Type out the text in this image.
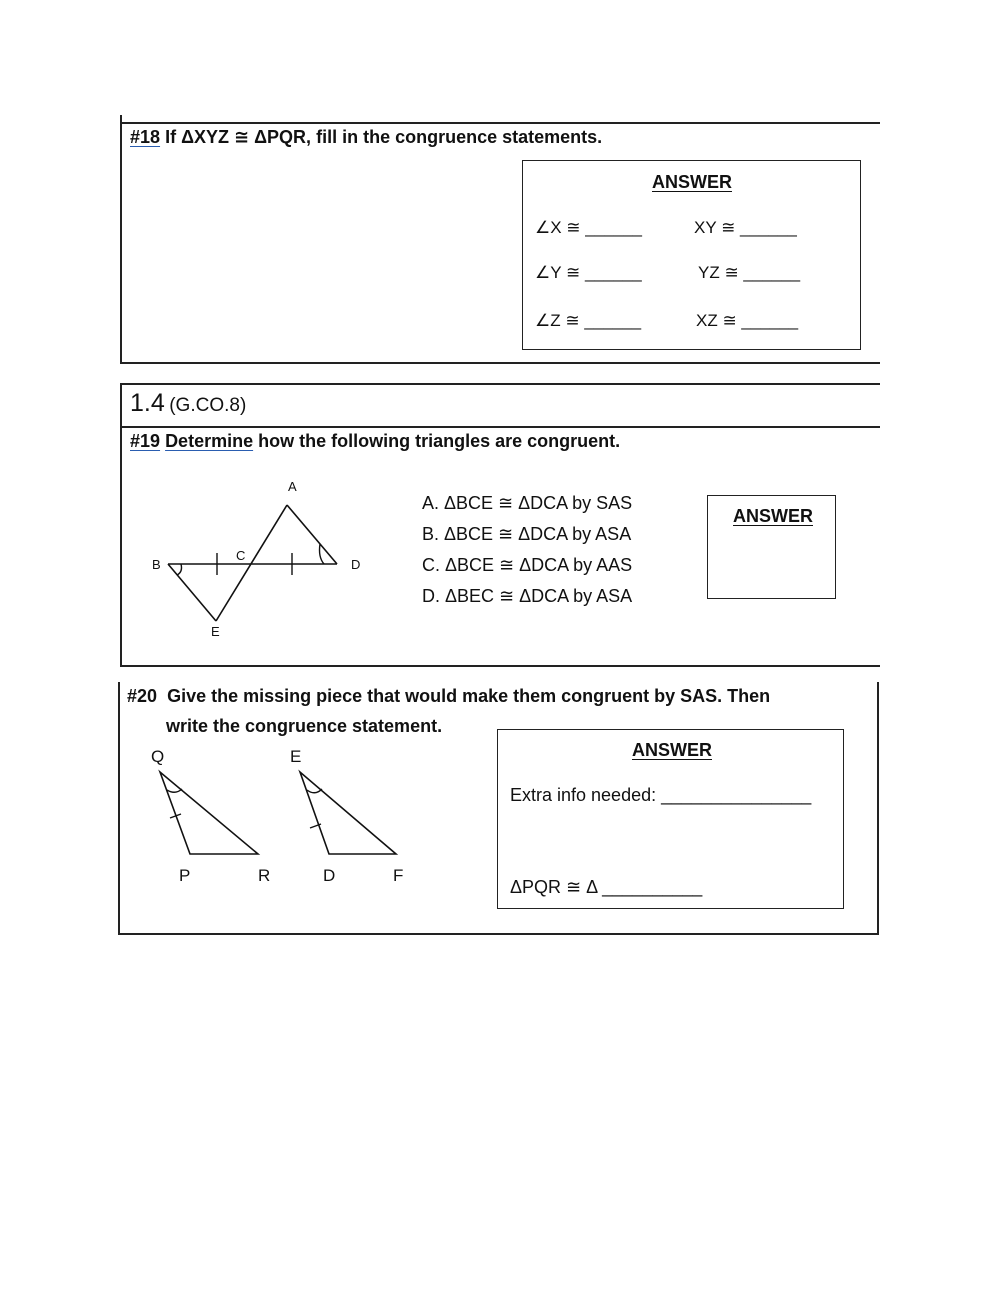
#18 If ΔXYZ ≅ ΔPQR, fill in the congruence statements.
ANSWER
∠X ≅ ______	XY ≅ ______
∠Y ≅ ______	YZ ≅ ______
∠Z ≅ ______	XZ ≅ ______
1.4 (G.CO.8)
#19 Determine how the following triangles are congruent.
A
B
C
D
E
A. ΔBCE ≅ ΔDCA by SAS
B. ΔBCE ≅ ΔDCA by ASA
C. ΔBCE ≅ ΔDCA by AAS
D. ΔBEC ≅ ΔDCA by ASA
ANSWER
#20 Give the missing piece that would make them congruent by SAS. Then
write the congruence statement.
Q
P	R
E
D	F
ANSWER
Extra info needed: _______________
ΔPQR ≅ Δ __________
